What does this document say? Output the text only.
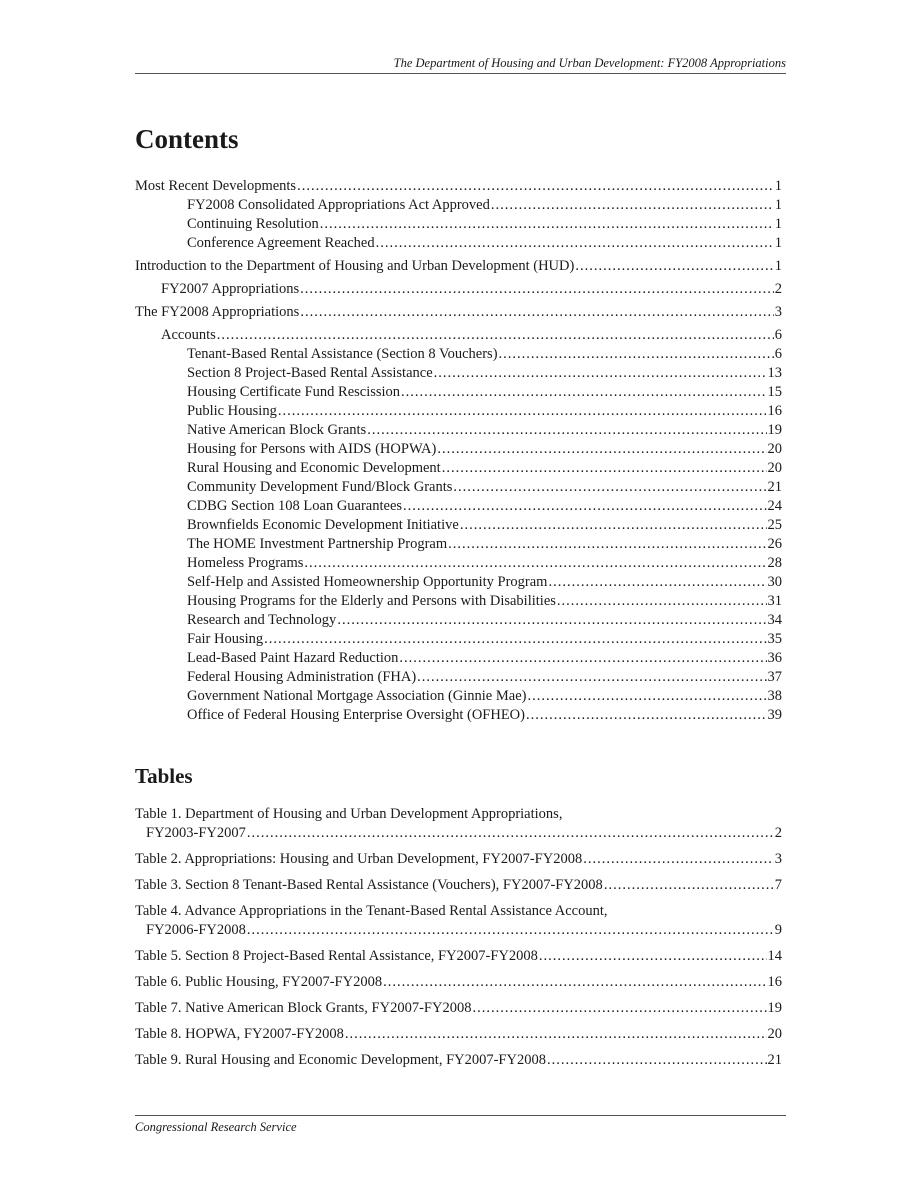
The Department of Housing and Urban Development: FY2008 Appropriations
Contents
Most Recent Developments .....	1
FY2008 Consolidated Appropriations Act Approved .....	1
Continuing Resolution .....	1
Conference Agreement Reached .....	1
Introduction to the Department of Housing and Urban Development (HUD) .....	1
FY2007 Appropriations .....	2
The FY2008 Appropriations .....	3
Accounts .....	6
Tenant-Based Rental Assistance (Section 8 Vouchers) .....	6
Section 8 Project-Based Rental Assistance .....	13
Housing Certificate Fund Rescission .....	15
Public Housing .....	16
Native American Block Grants .....	19
Housing for Persons with AIDS (HOPWA) .....	20
Rural Housing and Economic Development .....	20
Community Development Fund/Block Grants .....	21
CDBG Section 108 Loan Guarantees .....	24
Brownfields Economic Development Initiative .....	25
The HOME Investment Partnership Program .....	26
Homeless Programs .....	28
Self-Help and Assisted Homeownership Opportunity Program .....	30
Housing Programs for the Elderly and Persons with Disabilities .....	31
Research and Technology .....	34
Fair Housing .....	35
Lead-Based Paint Hazard Reduction .....	36
Federal Housing Administration (FHA) .....	37
Government National Mortgage Association (Ginnie Mae) .....	38
Office of Federal Housing Enterprise Oversight (OFHEO) .....	39
Tables
Table 1. Department of Housing and Urban Development Appropriations,
FY2003-FY2007 .....	2
Table 2. Appropriations: Housing and Urban Development, FY2007-FY2008 .....	3
Table 3. Section 8 Tenant-Based Rental Assistance (Vouchers), FY2007-FY2008 .....	7
Table 4. Advance Appropriations in the Tenant-Based Rental Assistance Account,
FY2006-FY2008 .....	9
Table 5. Section 8 Project-Based Rental Assistance, FY2007-FY2008 .....	14
Table 6. Public Housing, FY2007-FY2008 .....	16
Table 7. Native American Block Grants, FY2007-FY2008 .....	19
Table 8. HOPWA, FY2007-FY2008 .....	20
Table 9. Rural Housing and Economic Development, FY2007-FY2008 .....	21
Congressional Research Service
